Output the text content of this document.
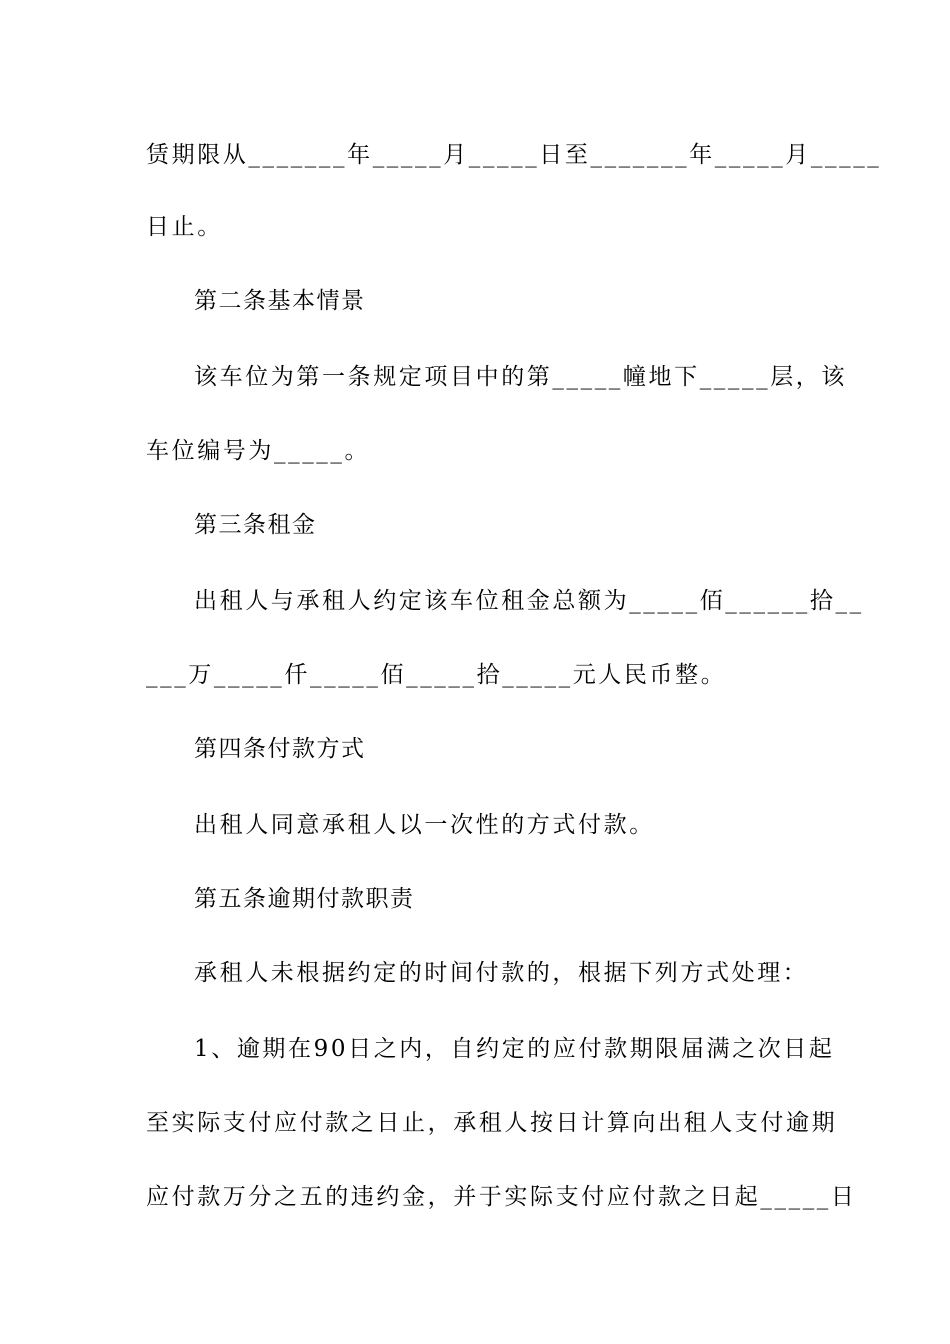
赁期限从_______年_____月_____日至_______年_____月_____
日止。
第二条基本情景
该车位为第一条规定项目中的第_____幢地下_____层，该
车位编号为_____。
第三条租金
出租人与承租人约定该车位租金总额为_____佰______拾__
___万_____仟_____佰_____拾_____元人民币整。
第四条付款方式
出租人同意承租人以一次性的方式付款。
第五条逾期付款职责
承租人未根据约定的时间付款的，根据下列方式处理：
1、逾期在90日之内，自约定的应付款期限届满之次日起
至实际支付应付款之日止，承租人按日计算向出租人支付逾期
应付款万分之五的违约金，并于实际支付应付款之日起_____日
